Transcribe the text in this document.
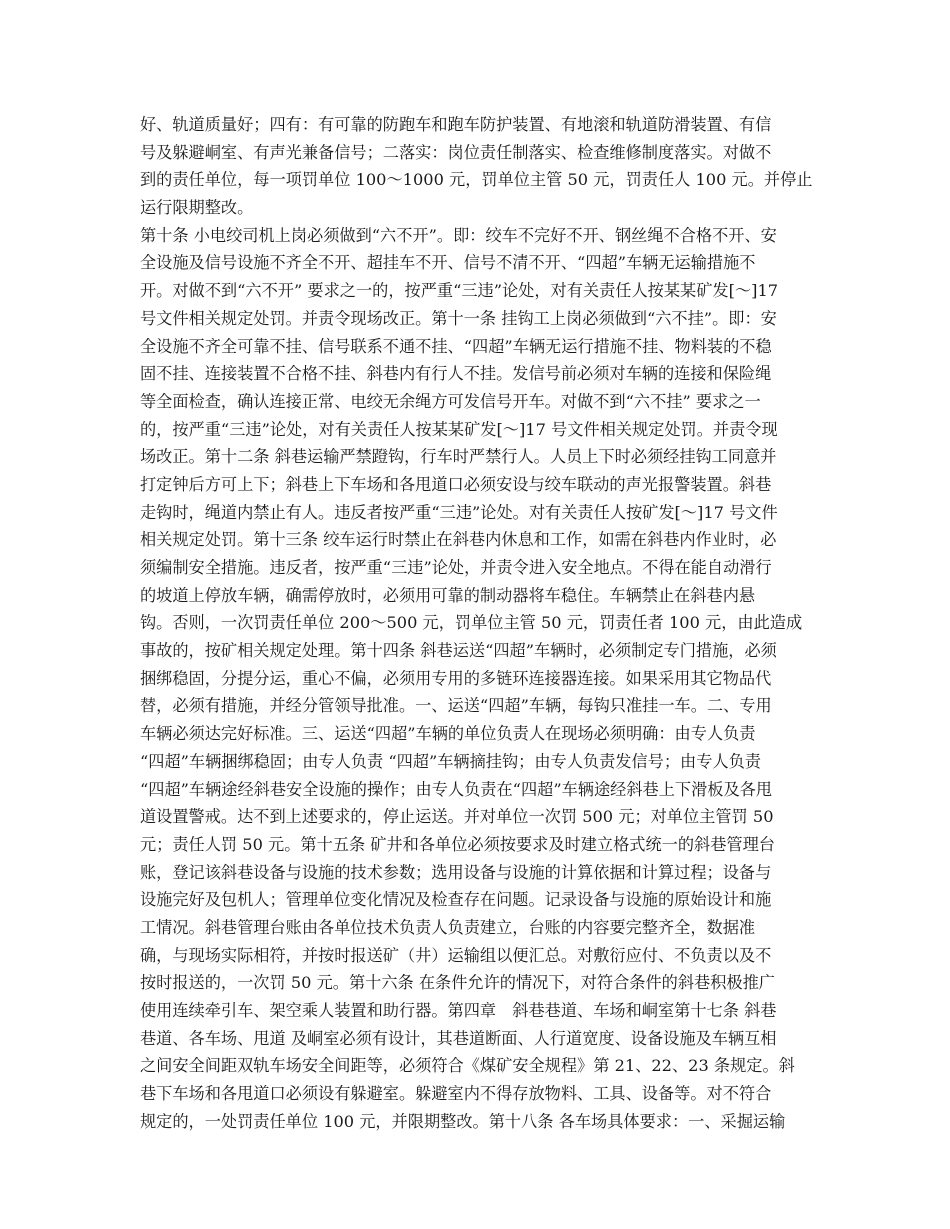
好、轨道质量好；四有：有可靠的防跑车和跑车防护装置、有地滚和轨道防滑装置、有信
号及躲避峒室、有声光兼备信号；二落实：岗位责任制落实、检查维修制度落实。对做不
到的责任单位，每一项罚单位 100～1000 元，罚单位主管 50 元，罚责任人 100 元。并停止
运行限期整改。
第十条 小电绞司机上岗必须做到“六不开”。即：绞车不完好不开、钢丝绳不合格不开、安
全设施及信号设施不齐全不开、超挂车不开、信号不清不开、“四超”车辆无运输措施不
开。对做不到“六不开” 要求之一的，按严重“三违”论处，对有关责任人按某某矿发[～]17
号文件相关规定处罚。并责令现场改正。第十一条 挂钩工上岗必须做到“六不挂”。即：安
全设施不齐全可靠不挂、信号联系不通不挂、“四超”车辆无运行措施不挂、物料装的不稳
固不挂、连接装置不合格不挂、斜巷内有行人不挂。发信号前必须对车辆的连接和保险绳
等全面检查，确认连接正常、电绞无余绳方可发信号开车。对做不到“六不挂” 要求之一
的，按严重“三违”论处，对有关责任人按某某矿发[～]17 号文件相关规定处罚。并责令现
场改正。第十二条 斜巷运输严禁蹬钩，行车时严禁行人。人员上下时必须经挂钩工同意并
打定钟后方可上下；斜巷上下车场和各甩道口必须安设与绞车联动的声光报警装置。斜巷
走钩时，绳道内禁止有人。违反者按严重“三违”论处。对有关责任人按矿发[～]17 号文件
相关规定处罚。第十三条 绞车运行时禁止在斜巷内休息和工作，如需在斜巷内作业时，必
须编制安全措施。违反者，按严重“三违”论处，并责令进入安全地点。不得在能自动滑行
的坡道上停放车辆，确需停放时，必须用可靠的制动器将车稳住。车辆禁止在斜巷内悬
钩。否则，一次罚责任单位 200～500 元，罚单位主管 50 元，罚责任者 100 元，由此造成
事故的，按矿相关规定处理。第十四条 斜巷运送“四超”车辆时，必须制定专门措施，必须
捆绑稳固，分提分运，重心不偏，必须用专用的多链环连接器连接。如果采用其它物品代
替，必须有措施，并经分管领导批准。一、运送“四超”车辆，每钩只准挂一车。二、专用
车辆必须达完好标准。三、运送“四超”车辆的单位负责人在现场必须明确：由专人负责
“四超”车辆捆绑稳固；由专人负责 “四超”车辆摘挂钩；由专人负责发信号；由专人负责
“四超”车辆途经斜巷安全设施的操作；由专人负责在“四超”车辆途经斜巷上下滑板及各甩
道设置警戒。达不到上述要求的，停止运送。并对单位一次罚 500 元；对单位主管罚 50
元；责任人罚 50 元。第十五条 矿井和各单位必须按要求及时建立格式统一的斜巷管理台
账，登记该斜巷设备与设施的技术参数；选用设备与设施的计算依据和计算过程；设备与
设施完好及包机人；管理单位变化情况及检查存在问题。记录设备与设施的原始设计和施
工情况。斜巷管理台账由各单位技术负责人负责建立，台账的内容要完整齐全，数据准
确，与现场实际相符，并按时报送矿（井）运输组以便汇总。对敷衍应付、不负责以及不
按时报送的，一次罚 50 元。第十六条 在条件允许的情况下，对符合条件的斜巷积极推广
使用连续牵引车、架空乘人装置和助行器。第四章　斜巷巷道、车场和峒室第十七条 斜巷
巷道、各车场、甩道 及峒室必须有设计，其巷道断面、人行道宽度、设备设施及车辆互相
之间安全间距双轨车场安全间距等，必须符合《煤矿安全规程》第 21、22、23 条规定。斜
巷下车场和各甩道口必须设有躲避室。躲避室内不得存放物料、工具、设备等。对不符合
规定的，一处罚责任单位 100 元，并限期整改。第十八条 各车场具体要求：一、采掘运输
